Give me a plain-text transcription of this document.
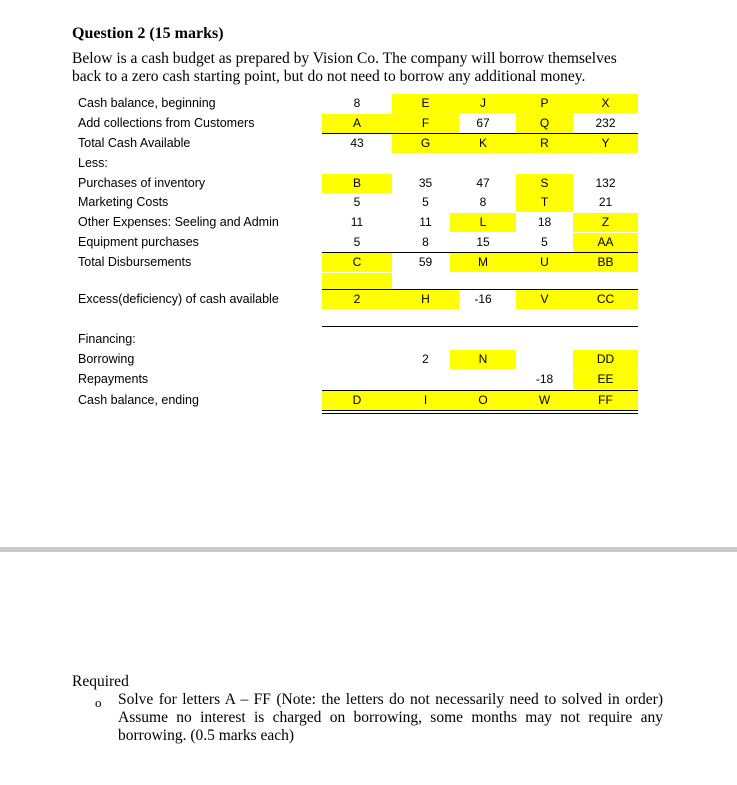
Question 2 (15 marks)
Below is a cash budget as prepared by Vision Co. The company will borrow themselves
back to a zero cash starting point, but do not need to borrow any additional money.
Cash balance, beginning
Add collections from Customers
Total Cash Available
Less:
Purchases of inventory
Marketing Costs
Other Expenses: Seeling and Admin
Equipment purchases
Total Disbursements
Excess(deficiency) of cash available
Financing:
Borrowing
Repayments
Cash balance, ending
8
A
43
B
5
11
5
C
2
D
E
F
G
35
5
11
8
59
H
2
I
J
67
K
47
8
L
15
M
-16
N
O
P
Q
R
S
T
18
5
U
V
-18
W
X
232
Y
132
21
Z
AA
BB
CC
DD
EE
FF
Required
o Solve for letters A – FF (Note: the letters do not necessarily need to solved in order) Assume no interest is charged on borrowing, some months may not require any borrowing. (0.5 marks each)
